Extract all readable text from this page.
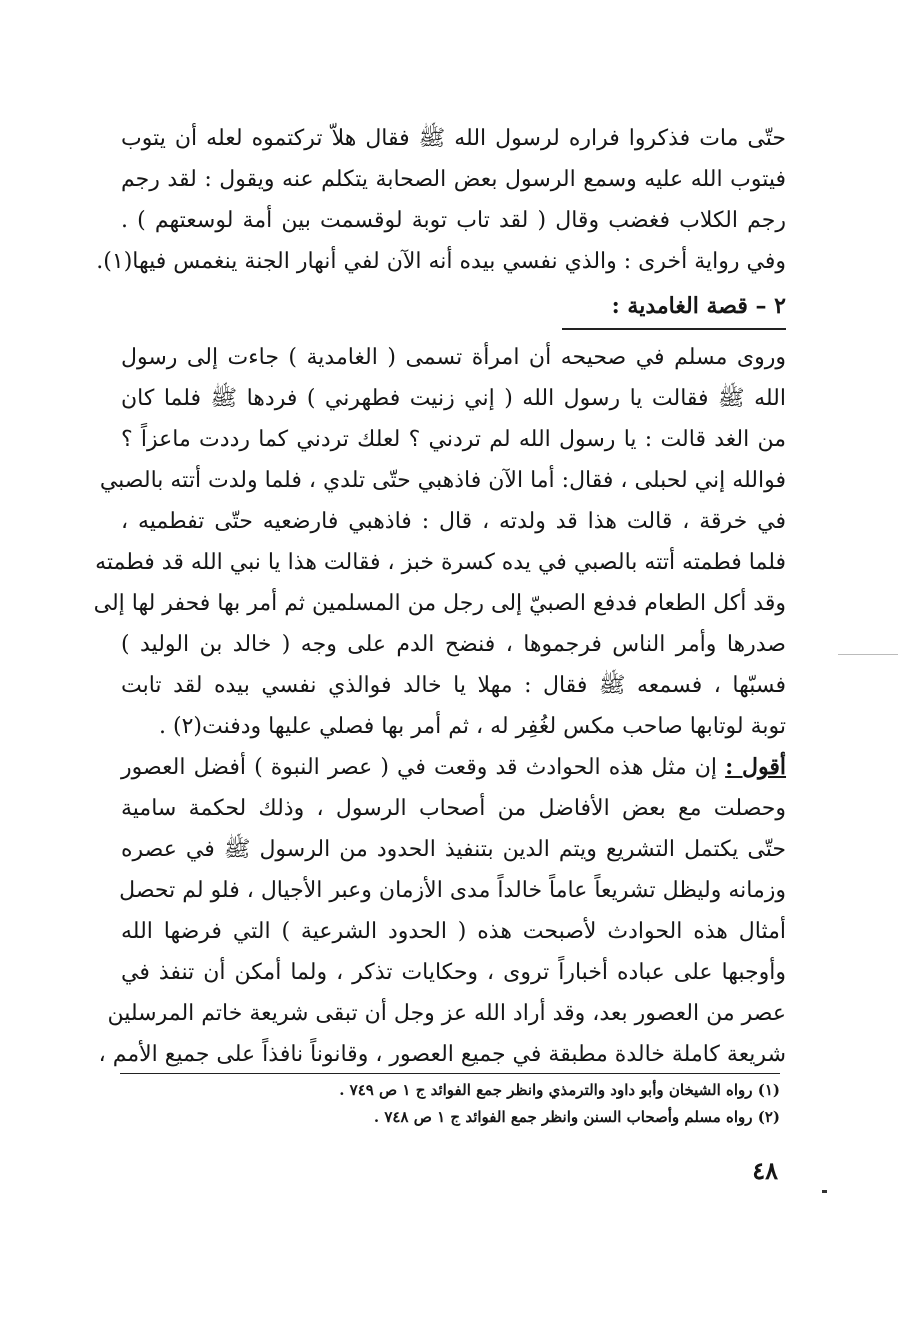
حتّى مات فذكروا فراره لرسول الله ﷺ فقال هلاّ تركتموه لعله أن يتوب
فيتوب الله عليه وسمع الرسول بعض الصحابة يتكلم عنه ويقول : لقد رجم
رجم الكلاب فغضب وقال ( لقد تاب توبة لوقسمت بين أمة لوسعتهم ) .
وفي رواية أخرى : والذي نفسي بيده أنه الآن لفي أنهار الجنة ينغمس فيها(١).
٢ – قصة الغامدية :
وروى مسلم في صحيحه أن امرأة تسمى ( الغامدية ) جاءت إلى رسول
الله ﷺ فقالت يا رسول الله ( إني زنيت فطهرني ) فردها ﷺ فلما كان
من الغد قالت : يا رسول الله لم تردني ؟ لعلك تردني كما رددت ماعزاً ؟
فوالله إني لحبلى ، فقال: أما الآن فاذهبي حتّى تلدي ، فلما ولدت أتته بالصبي
في خرقة ، قالت هذا قد ولدته ، قال : فاذهبي فارضعيه حتّى تفطميه ،
فلما فطمته أتته بالصبي في يده كسرة خبز ، فقالت هذا يا نبي الله قد فطمته
وقد أكل الطعام فدفع الصبيّ إلى رجل من المسلمين ثم أمر بها فحفر لها إلى
صدرها وأمر الناس فرجموها ، فنضح الدم على وجه ( خالد بن الوليد )
فسبّها ، فسمعه ﷺ فقال : مهلا يا خالد فوالذي نفسي بيده لقد تابت
توبة لوتابها صاحب مكس لغُفِر له ، ثم أمر بها فصلي عليها ودفنت(٢) .
أقول : إن مثل هذه الحوادث قد وقعت في ( عصر النبوة ) أفضل العصور
وحصلت مع بعض الأفاضل من أصحاب الرسول ، وذلك لحكمة سامية
حتّى يكتمل التشريع ويتم الدين بتنفيذ الحدود من الرسول ﷺ في عصره
وزمانه وليظل تشريعاً عاماً خالداً مدى الأزمان وعبر الأجيال ، فلو لم تحصل
أمثال هذه الحوادث لأصبحت هذه ( الحدود الشرعية ) التي فرضها الله
وأوجبها على عباده أخباراً تروى ، وحكايات تذكر ، ولما أمكن أن تنفذ في
عصر من العصور بعد، وقد أراد الله عز وجل أن تبقى شريعة خاتم المرسلين
شريعة كاملة خالدة مطبقة في جميع العصور ، وقانوناً نافذاً على جميع الأمم ،
(١) رواه الشيخان وأبو داود والترمذي وانظر جمع الفوائد ج ١ ص ٧٤٩ .
(٢) رواه مسلم وأصحاب السنن وانظر جمع الفوائد ج ١ ص ٧٤٨ .
٤٨
